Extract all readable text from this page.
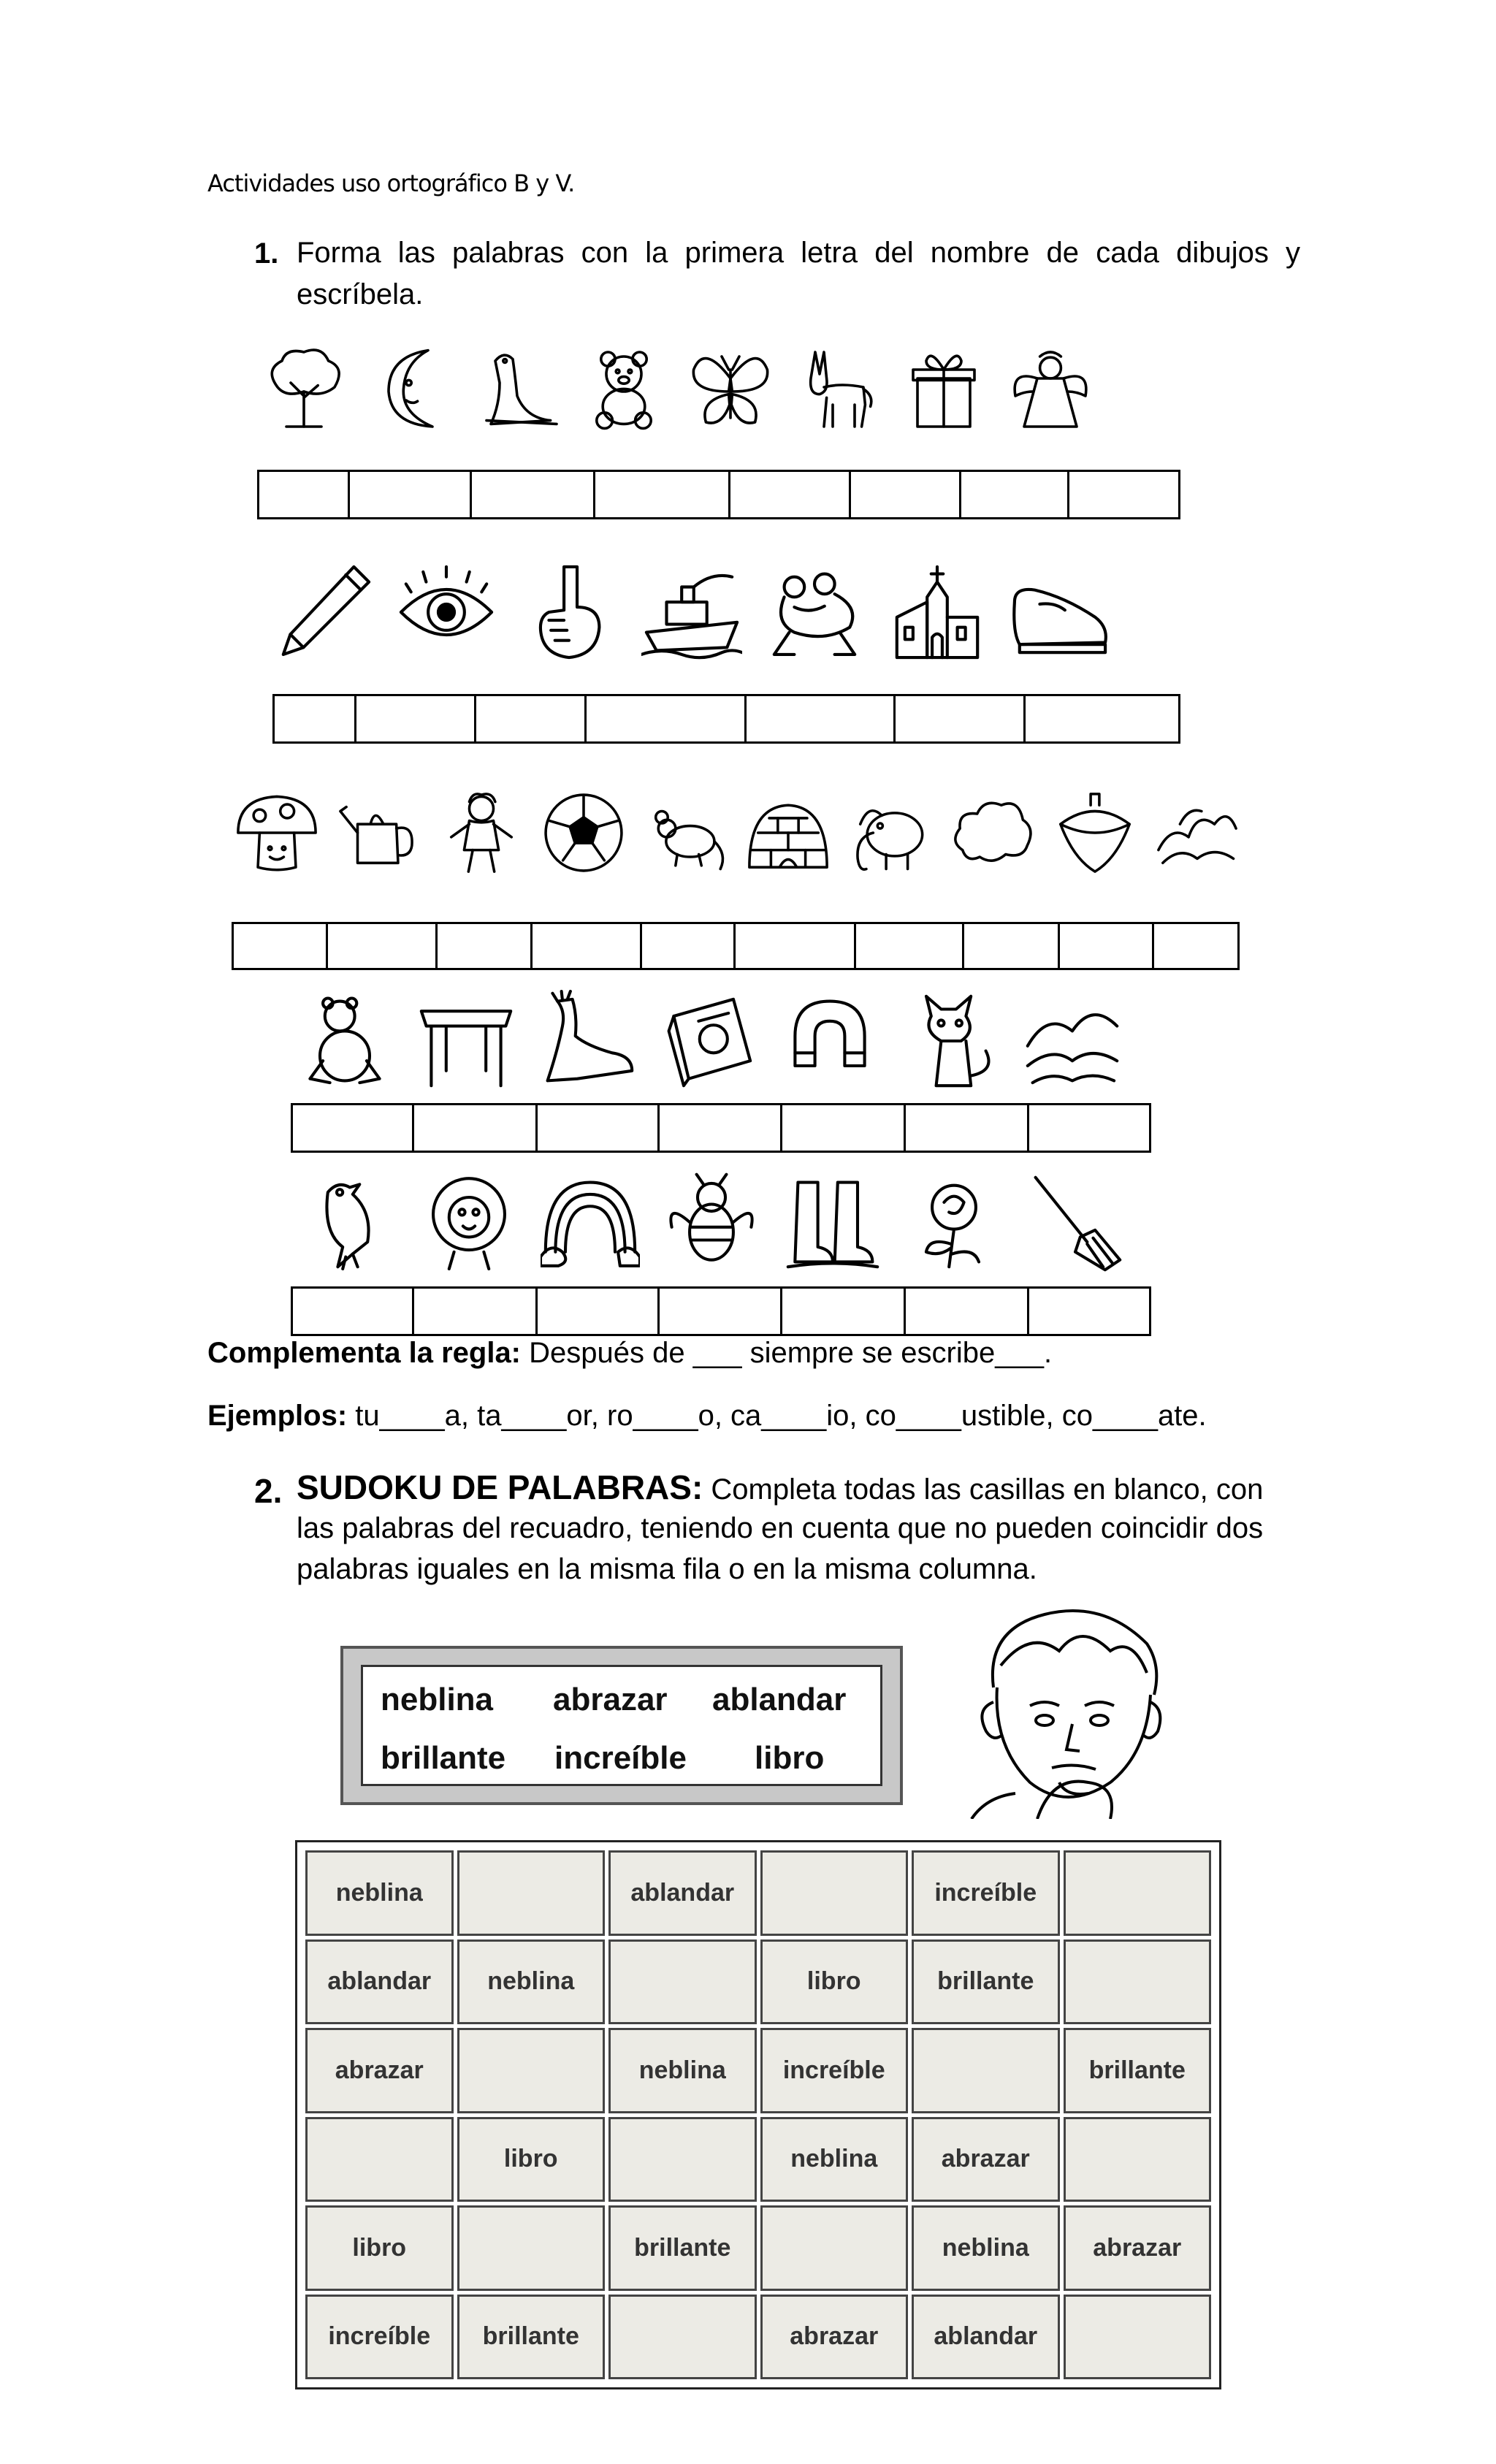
Actividades uso ortográfico B y V.
1. Forma las palabras con la primera letra del nombre de cada dibujos y
escríbela.
Complementa la regla: Después de ___ siempre se escribe___.
Ejemplos: tu____a, ta____or, ro____o, ca____io, co____ustible, co____ate.
2. SUDOKU DE PALABRAS: Completa todas las casillas en blanco, con
las palabras del recuadro, teniendo en cuenta que no pueden coincidir dos
palabras iguales en la misma fila o en la misma columna.
neblina abrazar ablandar
brillante increíble libro
neblina		ablandar		increíble	
ablandar	neblina		libro	brillante	
abrazar		neblina	increíble		brillante
	libro		neblina	abrazar	
libro		brillante		neblina	abrazar
increíble	brillante		abrazar	ablandar	
